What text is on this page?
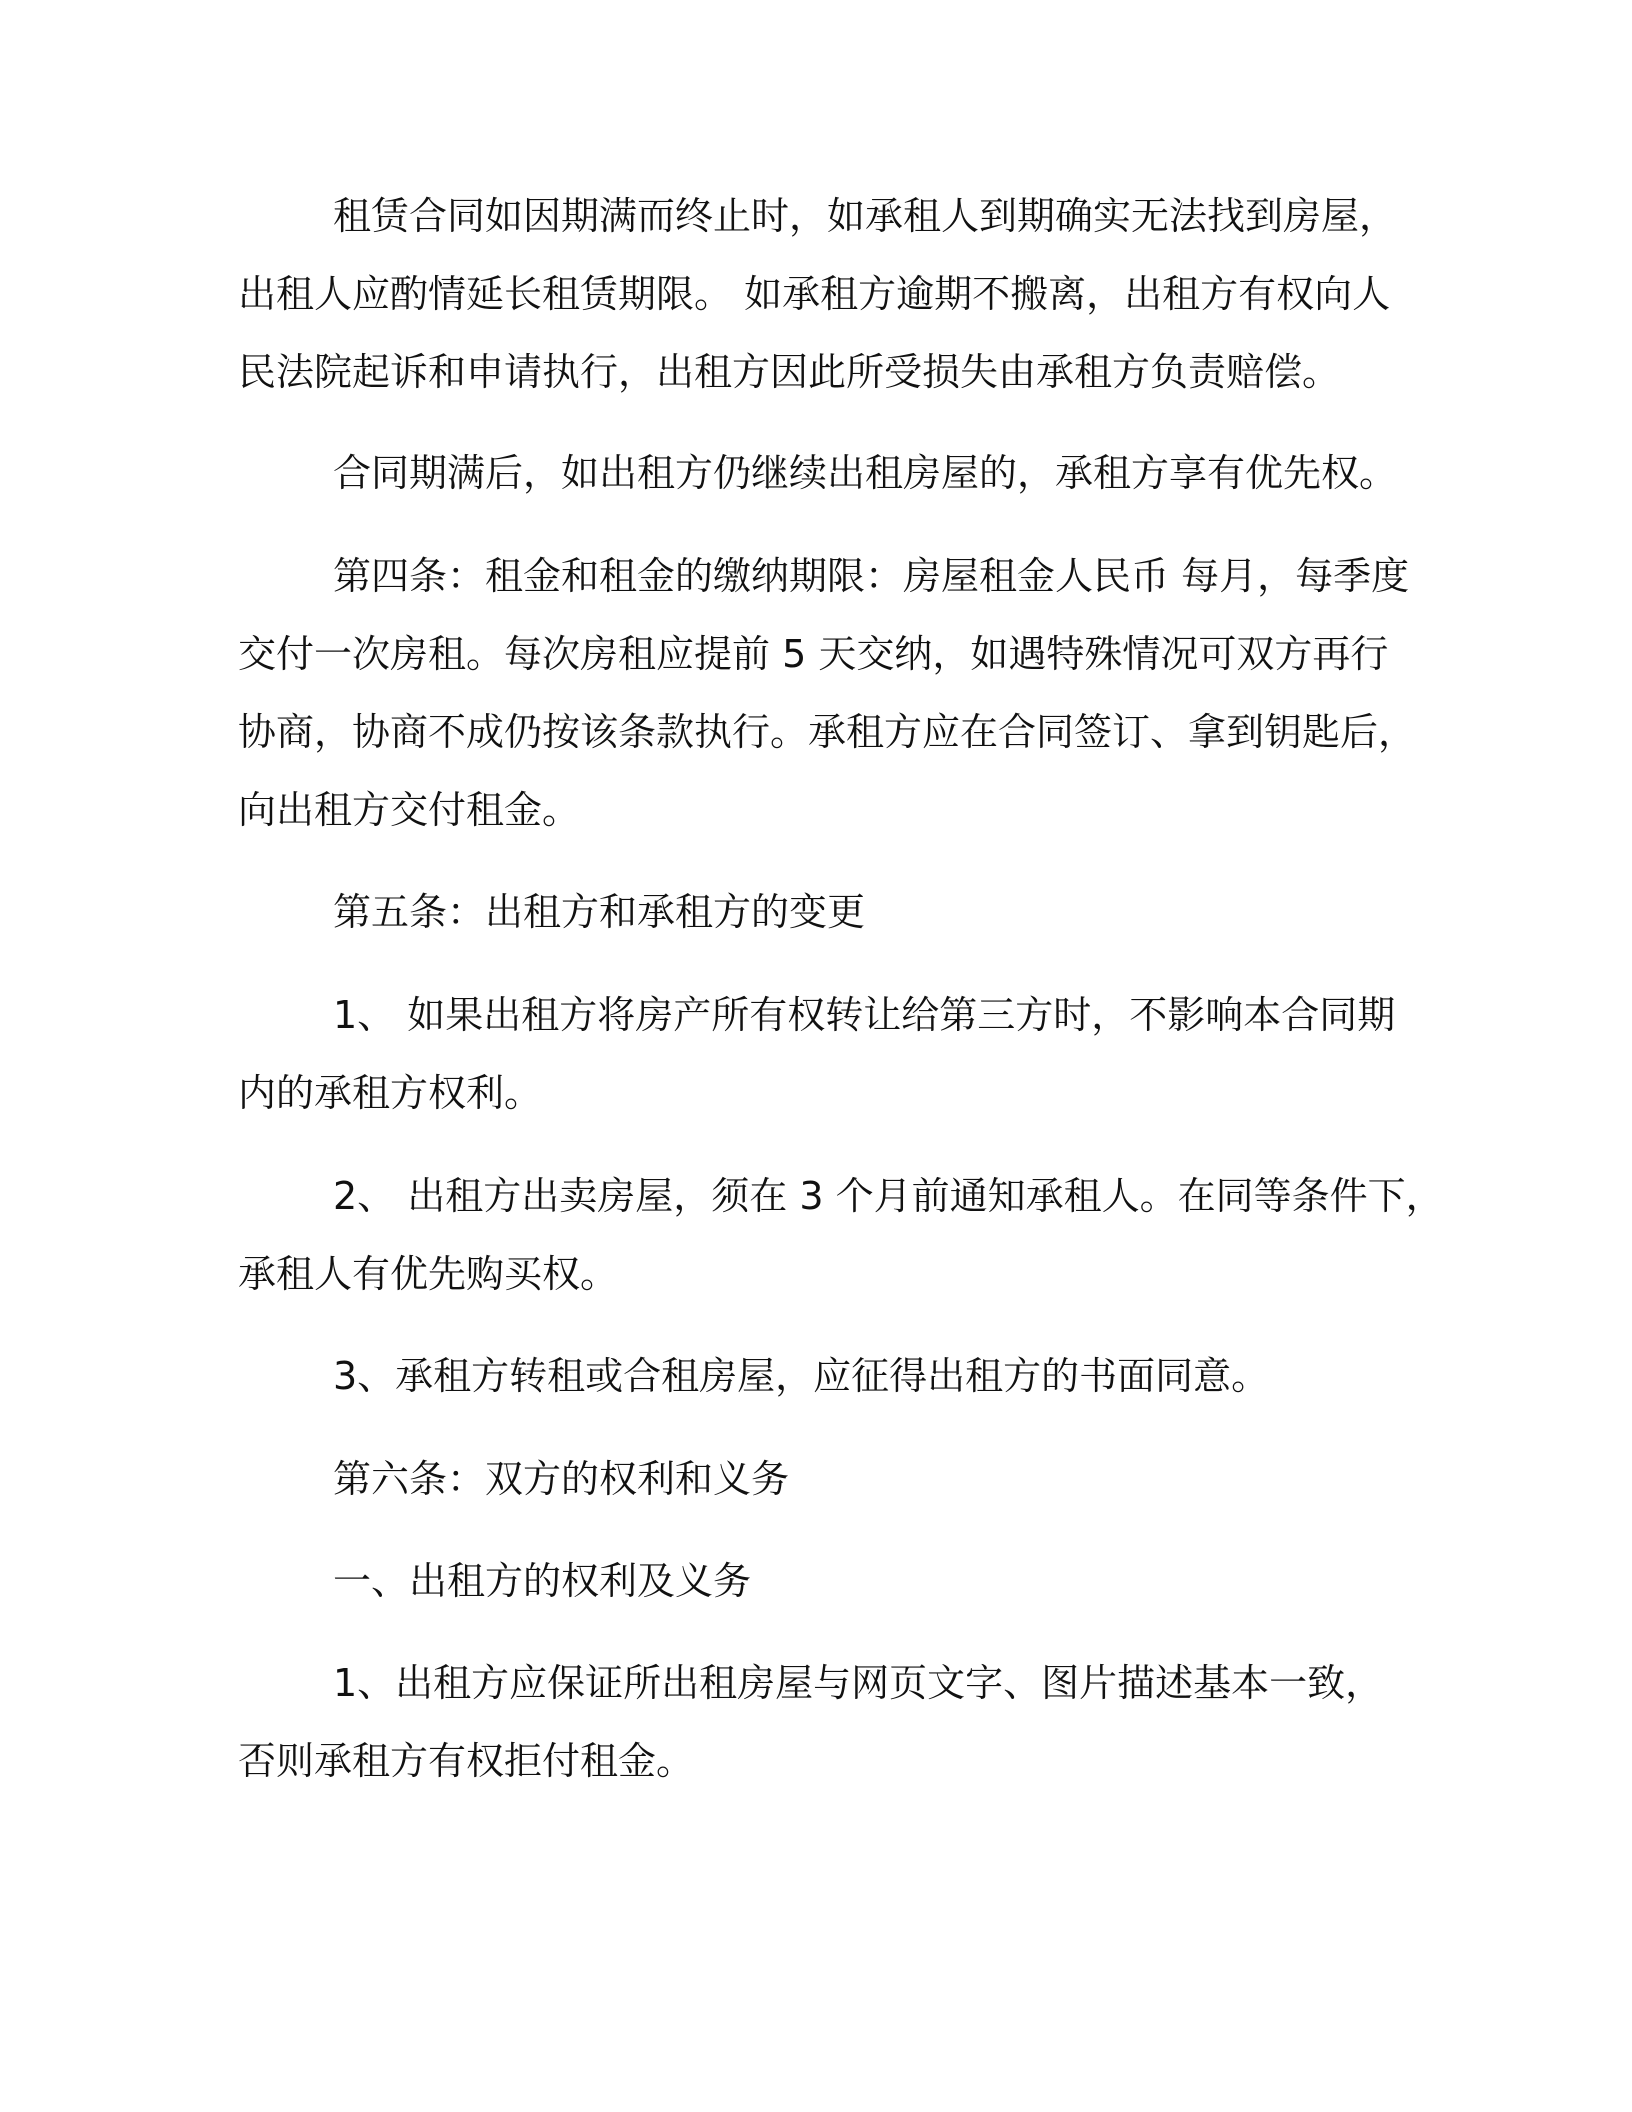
租赁合同如因期满而终止时，如承租人到期确实无法找到房屋，

出租人应酌情延长租赁期限。 如承租方逾期不搬离，出租方有权向人

民法院起诉和申请执行，出租方因此所受损失由承租方负责赔偿。

合同期满后，如出租方仍继续出租房屋的，承租方享有优先权。

第四条：租金和租金的缴纳期限：房屋租金人民币 每月，每季度

交付一次房租。每次房租应提前 5 天交纳，如遇特殊情况可双方再行

协商，协商不成仍按该条款执行。承租方应在合同签订、拿到钥匙后，

向出租方交付租金。

第五条：出租方和承租方的变更

1、 如果出租方将房产所有权转让给第三方时，不影响本合同期

内的承租方权利。

2、 出租方出卖房屋，须在 3 个月前通知承租人。在同等条件下，

承租人有优先购买权。

3、承租方转租或合租房屋，应征得出租方的书面同意。

第六条：双方的权利和义务

一、出租方的权利及义务

1、出租方应保证所出租房屋与网页文字、图片描述基本一致，

否则承租方有权拒付租金。
